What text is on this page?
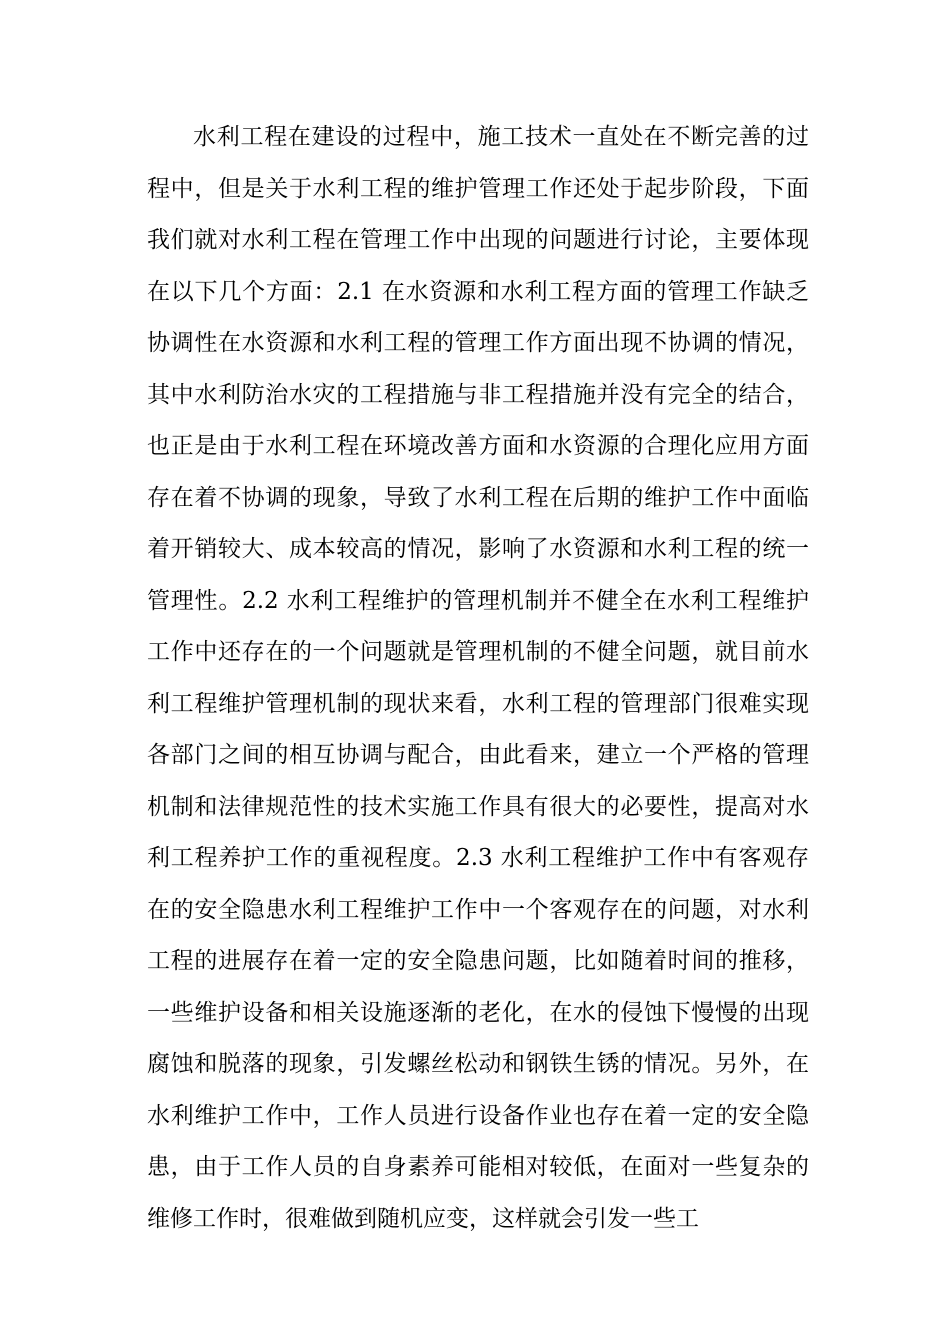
水利工程在建设的过程中，施工技术一直处在不断完善的过程中，但是关于水利工程的维护管理工作还处于起步阶段，下面我们就对水利工程在管理工作中出现的问题进行讨论，主要体现在以下几个方面：2.1 在水资源和水利工程方面的管理工作缺乏协调性在水资源和水利工程的管理工作方面出现不协调的情况，其中水利防治水灾的工程措施与非工程措施并没有完全的结合，也正是由于水利工程在环境改善方面和水资源的合理化应用方面存在着不协调的现象，导致了水利工程在后期的维护工作中面临着开销较大、成本较高的情况，影响了水资源和水利工程的统一管理性。2.2 水利工程维护的管理机制并不健全在水利工程维护工作中还存在的一个问题就是管理机制的不健全问题，就目前水利工程维护管理机制的现状来看，水利工程的管理部门很难实现各部门之间的相互协调与配合，由此看来，建立一个严格的管理机制和法律规范性的技术实施工作具有很大的必要性，提高对水利工程养护工作的重视程度。2.3 水利工程维护工作中有客观存在的安全隐患水利工程维护工作中一个客观存在的问题，对水利工程的进展存在着一定的安全隐患问题，比如随着时间的推移，一些维护设备和相关设施逐渐的老化，在水的侵蚀下慢慢的出现腐蚀和脱落的现象，引发螺丝松动和钢铁生锈的情况。另外，在水利维护工作中，工作人员进行设备作业也存在着一定的安全隐患，由于工作人员的自身素养可能相对较低，在面对一些复杂的维修工作时，很难做到随机应变，这样就会引发一些工
